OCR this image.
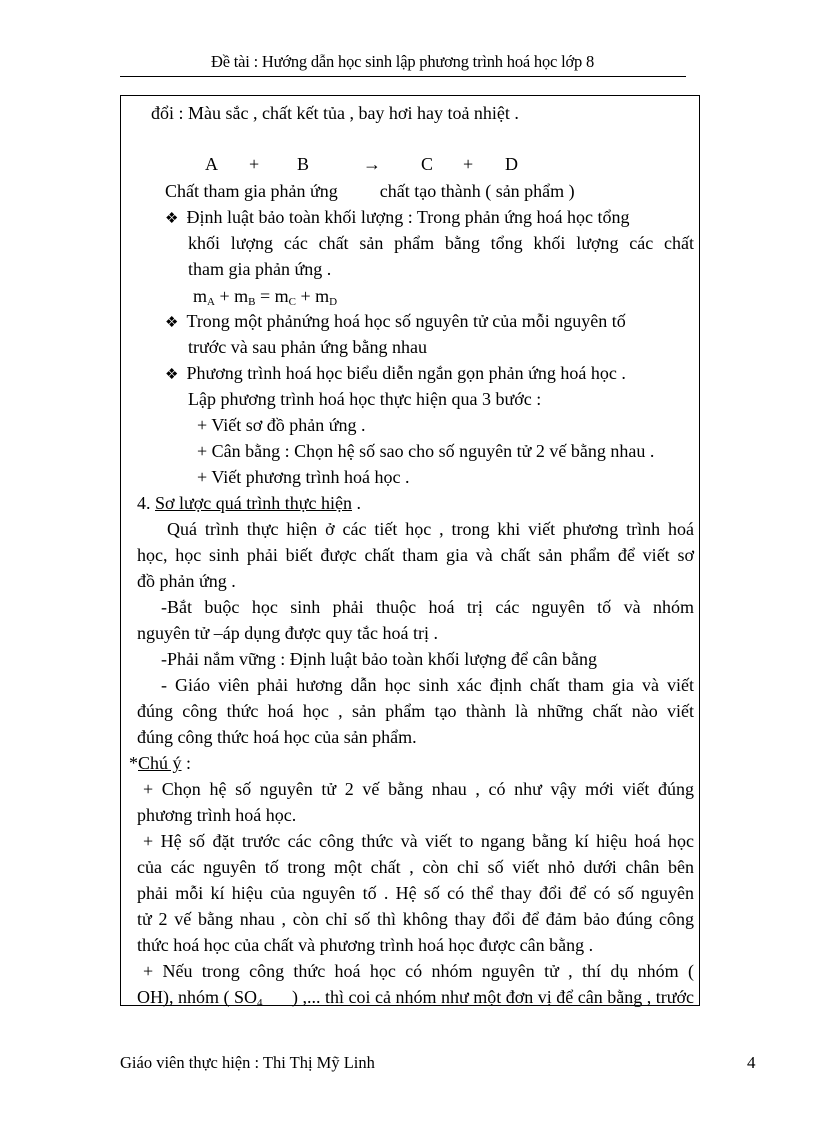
Đề tài : Hướng dẫn học sinh lập phương trình hoá học lớp 8
đổi : Màu sắc , chất kết tủa , bay hơi hay toả nhiệt .
A + B	→ C + D
Chất tham gia phản ứng chất tạo thành ( sản phẩm )
❖ Định luật bảo toàn khối lượng : Trong phản ứng hoá học tổng
khối lượng các chất sản phẩm bằng tổng khối lượng các chất
tham gia phản ứng .
$m_A + m_B = m_C + m_D$
❖ Trong một phảnứng hoá học số nguyên tử của mỗi nguyên tố
trước và sau phản ứng bằng nhau
❖ Phương trình hoá học biểu diễn ngắn gọn phản ứng hoá học .
Lập phương trình hoá học thực hiện qua 3 bước :
+ Viết sơ đồ phản ứng .
+ Cân bằng : Chọn hệ số sao cho số nguyên tử 2 vế bằng nhau .
+ Viết phương trình hoá học .
4. Sơ lược quá trình thực hiện .
Quá trình thực hiện ở các tiết học , trong khi viết phương trình hoá
học, học sinh phải biết được chất tham gia và chất sản phẩm để viết sơ
đồ phản ứng .
-Bắt buộc học sinh phải thuộc hoá trị các nguyên tố và nhóm
nguyên tử –áp dụng được quy tắc hoá trị .
-Phải nắm vững : Định luật bảo toàn khối lượng để cân bằng
- Giáo viên phải hương dẫn học sinh xác định chất tham gia và viết
đúng công thức hoá học , sản phẩm tạo thành là những chất nào viết
đúng công thức hoá học của sản phẩm.
*Chú ý :
+ Chọn hệ số nguyên tử 2 vế bằng nhau , có như vậy mới viết đúng
phương trình hoá học.
+ Hệ số đặt trước các công thức và viết to ngang bằng kí hiệu hoá học
của các nguyên tố trong một chất , còn chỉ số viết nhỏ dưới chân bên
phải mỗi kí hiệu của nguyên tố . Hệ số có thể thay đổi để có số nguyên
tử 2 vế bằng nhau , còn chỉ số thì không thay đổi để đảm bảo đúng công
thức hoá học của chất và phương trình hoá học được cân bằng .
+ Nếu trong công thức hoá học có nhóm nguyên tử , thí dụ nhóm (
OH), nhóm ( $SO_4$ ) ,... thì coi cả nhóm như một đơn vị để cân bằng , trước
Giáo viên thực hiện : Thi Thị Mỹ Linh	4
